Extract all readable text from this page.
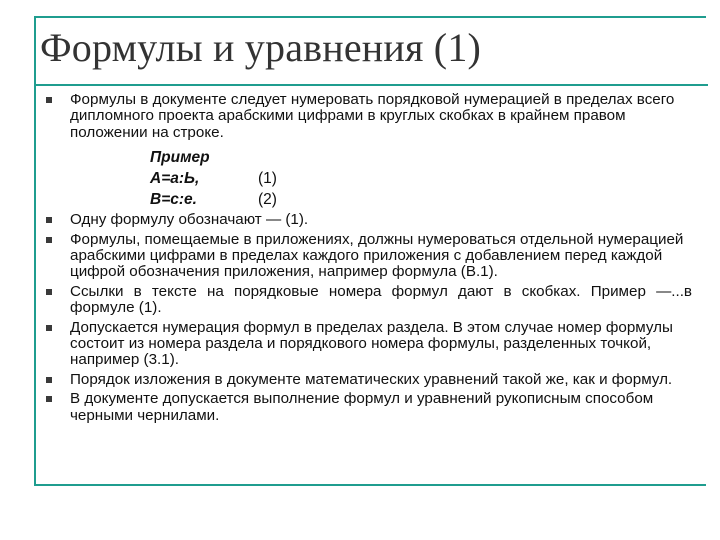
Формулы и уравнения (1)
Формулы в документе следует нумеровать порядковой нумерацией в пределах всего дипломного проекта арабскими цифрами в круглых скобках в крайнем правом положении на строке.
Пример
А=а:Ь,	(1)
В=с:е.	(2)
Одну формулу обозначают — (1).
Формулы, помещаемые в приложениях, должны нумероваться отдельной нумерацией арабскими цифрами в пределах каждого приложения с добавлением перед каждой цифрой обозначения приложения, например формула (В.1).
Ссылки в тексте на порядковые номера формул дают в скобках. Пример —...в формуле (1).
Допускается нумерация формул в пределах раздела. В этом случае номер формулы состоит из номера раздела и порядкового номера формулы, разделенных точкой, например (3.1).
Порядок изложения в документе математических уравнений такой же, как и формул.
В документе допускается выполнение формул и уравнений рукописным способом черными чернилами.
